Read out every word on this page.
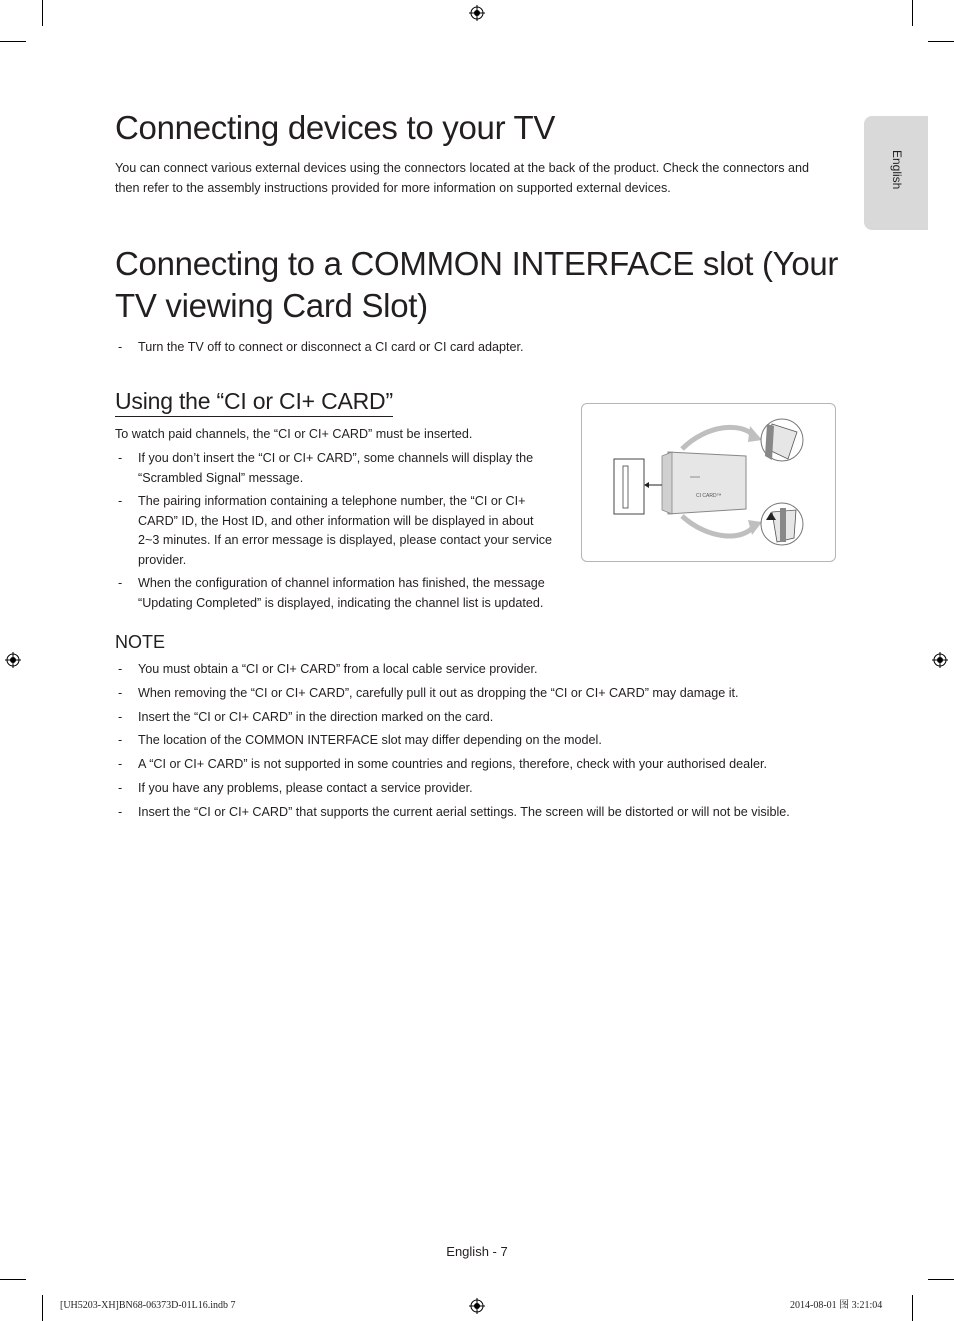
English
Connecting devices to your TV
You can connect various external devices using the connectors located at the back of the product. Check the connectors and
then refer to the assembly instructions provided for more information on supported external devices.
Connecting to a COMMON INTERFACE slot (Your
TV viewing Card Slot)
- Turn the TV off to connect or disconnect a CI card or CI card adapter.
Using the “CI or CI+ CARD”
To watch paid channels, the “CI or CI+ CARD” must be inserted.
- If you don’t insert the “CI or CI+ CARD”, some channels will display the
“Scrambled Signal” message.
- The pairing information containing a telephone number, the “CI or CI+
CARD” ID, the Host ID, and other information will be displayed in about
2~3 minutes. If an error message is displayed, please contact your service
provider.
- When the configuration of channel information has finished, the message
“Updating Completed” is displayed, indicating the channel list is updated.
CI CARD™
NOTE
- You must obtain a “CI or CI+ CARD” from a local cable service provider.
- When removing the “CI or CI+ CARD”, carefully pull it out as dropping the “CI or CI+ CARD” may damage it.
- Insert the “CI or CI+ CARD” in the direction marked on the card.
- The location of the COMMON INTERFACE slot may differ depending on the model.
- A “CI or CI+ CARD” is not supported in some countries and regions, therefore, check with your authorised dealer.
- If you have any problems, please contact a service provider.
- Insert the “CI or CI+ CARD” that supports the current aerial settings. The screen will be distorted or will not be visible.
English - 7
[UH5203-XH]BN68-06373D-01L16.indb 7	2014-08-01 图 3:21:04
